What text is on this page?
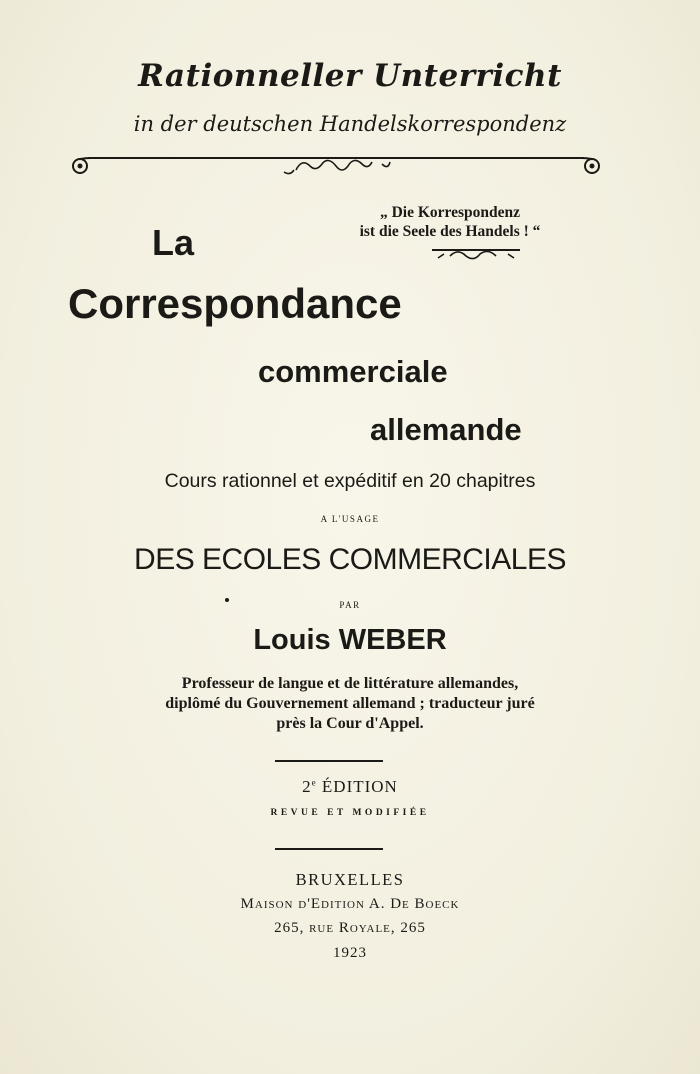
Rationneller Unterricht
in der deutschen Handelskorrespondenz
„ Die Korrespondenz
ist die Seele des Handels ! “
La
Correspondance
commerciale
allemande
Cours rationnel et expéditif en 20 chapitres
A L'USAGE
DES ECOLES COMMERCIALES
PAR
Louis WEBER
Professeur de langue et de littérature allemandes,
diplômé du Gouvernement allemand ; traducteur juré
près la Cour d'Appel.
2e ÉDITION
REVUE ET MODIFIÉE
BRUXELLES
Maison d'Edition A. De Boeck
265, rue Royale, 265
1923
